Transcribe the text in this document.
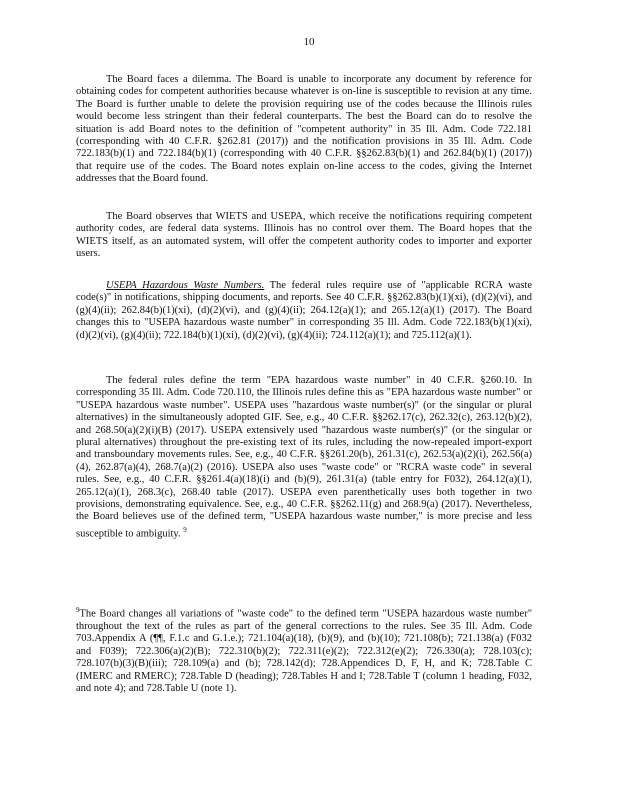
10

The Board faces a dilemma. The Board is unable to incorporate any document by reference for obtaining codes for competent authorities because whatever is on-line is susceptible to revision at any time. The Board is further unable to delete the provision requiring use of the codes because the Illinois rules would become less stringent than their federal counterparts. The best the Board can do to resolve the situation is add Board notes to the definition of "competent authority" in 35 Ill. Adm. Code 722.181 (corresponding with 40 C.F.R. §262.81 (2017)) and the notification provisions in 35 Ill. Adm. Code 722.183(b)(1) and 722.184(b)(1) (corresponding with 40 C.F.R. §§262.83(b)(1) and 262.84(b)(1) (2017)) that require use of the codes. The Board notes explain on-line access to the codes, giving the Internet addresses that the Board found.

The Board observes that WIETS and USEPA, which receive the notifications requiring competent authority codes, are federal data systems. Illinois has no control over them. The Board hopes that the WIETS itself, as an automated system, will offer the competent authority codes to importer and exporter users.

USEPA Hazardous Waste Numbers. The federal rules require use of "applicable RCRA waste code(s)" in notifications, shipping documents, and reports. See 40 C.F.R. §§262.83(b)(1)(xi), (d)(2)(vi), and (g)(4)(ii); 262.84(b)(1)(xi), (d)(2)(vi), and (g)(4)(ii); 264.12(a)(1); and 265.12(a)(1) (2017). The Board changes this to "USEPA hazardous waste number" in corresponding 35 Ill. Adm. Code 722.183(b)(1)(xi), (d)(2)(vi), (g)(4)(ii); 722.184(b)(1)(xi), (d)(2)(vi), (g)(4)(ii); 724.112(a)(1); and 725.112(a)(1).

The federal rules define the term "EPA hazardous waste number" in 40 C.F.R. §260.10. In corresponding 35 Ill. Adm. Code 720.110, the Illinois rules define this as "EPA hazardous waste number" or "USEPA hazardous waste number". USEPA uses "hazardous waste number(s)" (or the singular or plural alternatives) in the simultaneously adopted GIF. See, e.g., 40 C.F.R. §§262.17(c), 262.32(c), 263.12(b)(2), and 268.50(a)(2)(i)(B) (2017). USEPA extensively used "hazardous waste number(s)" (or the singular or plural alternatives) throughout the pre-existing text of its rules, including the now-repealed import-export and transboundary movements rules. See, e.g., 40 C.F.R. §§261.20(b), 261.31(c), 262.53(a)(2)(i), 262.56(a)(4), 262.87(a)(4), 268.7(a)(2) (2016). USEPA also uses "waste code" or "RCRA waste code" in several rules. See, e.g., 40 C.F.R. §§261.4(a)(18)(i) and (b)(9), 261.31(a) (table entry for F032), 264.12(a)(1), 265.12(a)(1), 268.3(c), 268.40 table (2017). USEPA even parenthetically uses both together in two provisions, demonstrating equivalence. See, e.g., 40 C.F.R. §§262.11(g) and 268.9(a) (2017). Nevertheless, the Board believes use of the defined term, "USEPA hazardous waste number," is more precise and less susceptible to ambiguity. $^9$

$^9$The Board changes all variations of "waste code" to the defined term "USEPA hazardous waste number" throughout the text of the rules as part of the general corrections to the rules. See 35 Ill. Adm. Code 703.Appendix A (¶¶, F.1.c and G.1.e.); 721.104(a)(18), (b)(9), and (b)(10); 721.108(b); 721.138(a) (F032 and F039); 722.306(a)(2)(B); 722.310(b)(2); 722.311(e)(2); 722.312(e)(2); 726.330(a); 728.103(c); 728.107(b)(3)(B)(iii); 728.109(a) and (b); 728.142(d); 728.Appendices D, F, H, and K; 728.Table C (IMERC and RMERC); 728.Table D (heading); 728.Tables H and I; 728.Table T (column 1 heading, F032, and note 4); and 728.Table U (note 1).
